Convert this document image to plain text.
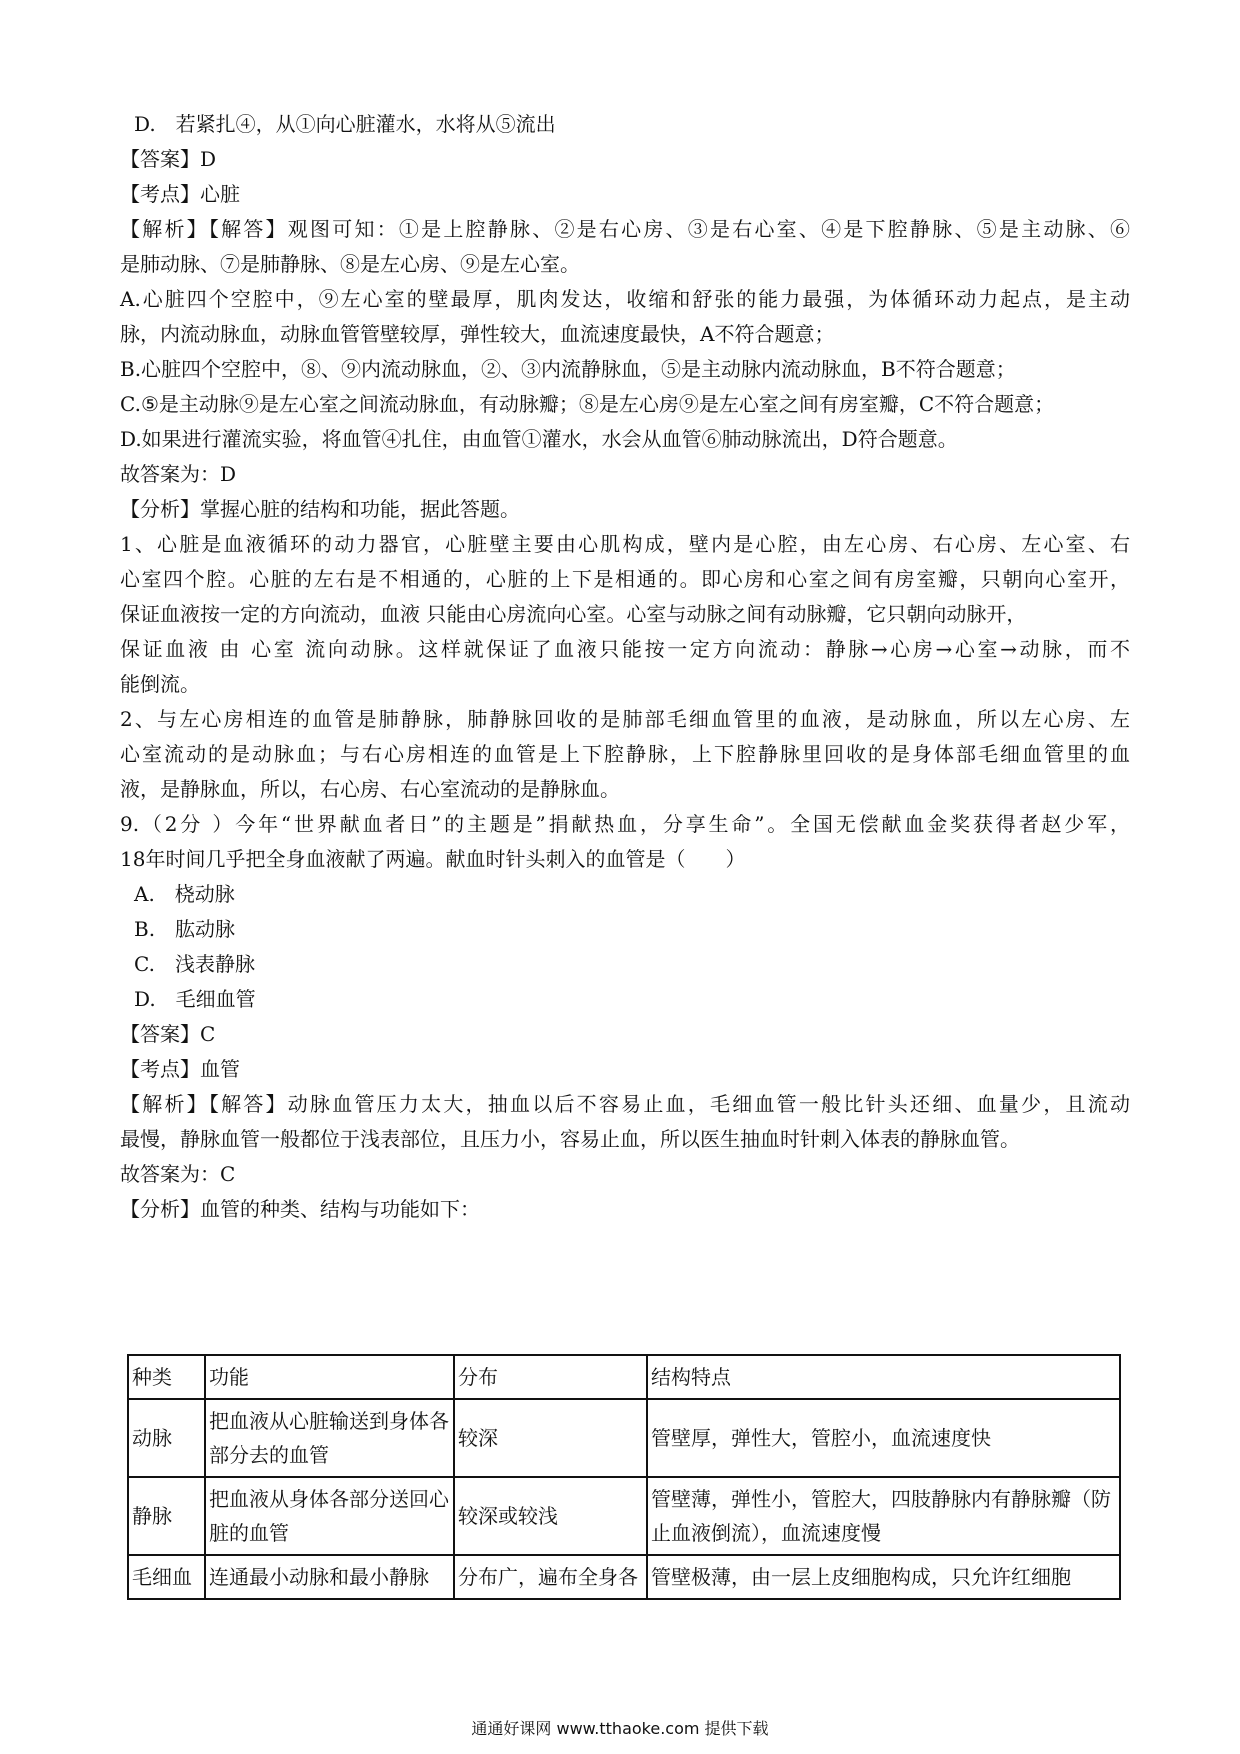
D.　若紧扎④，从①向心脏灌水，水将从⑤流出
【答案】D
【考点】心脏
【解析】【解答】观图可知：①是上腔静脉、②是右心房、③是右心室、④是下腔静脉、⑤是主动脉、⑥
是肺动脉、⑦是肺静脉、⑧是左心房、⑨是左心室。
A.心脏四个空腔中，⑨左心室的壁最厚，肌肉发达，收缩和舒张的能力最强，为体循环动力起点，是主动
脉，内流动脉血，动脉血管管壁较厚，弹性较大，血流速度最快，A不符合题意；
B.心脏四个空腔中，⑧、⑨内流动脉血，②、③内流静脉血，⑤是主动脉内流动脉血，B不符合题意；
C.⑤是主动脉⑨是左心室之间流动脉血，有动脉瓣；⑧是左心房⑨是左心室之间有房室瓣，C不符合题意；
D.如果进行灌流实验，将血管④扎住，由血管①灌水，水会从血管⑥肺动脉流出，D符合题意。
故答案为：D
【分析】掌握心脏的结构和功能，据此答题。
1、心脏是血液循环的动力器官，心脏壁主要由心肌构成，壁内是心腔，由左心房、右心房、左心室、右
心室四个腔。心脏的左右是不相通的，心脏的上下是相通的。即心房和心室之间有房室瓣，只朝向心室开，
保证血液按一定的方向流动，血液 只能由心房流向心室。心室与动脉之间有动脉瓣，它只朝向动脉开，
保证血液 由 心室 流向动脉。这样就保证了血液只能按一定方向流动：静脉→心房→心室→动脉，而不
能倒流。
2、与左心房相连的血管是肺静脉，肺静脉回收的是肺部毛细血管里的血液，是动脉血，所以左心房、左
心室流动的是动脉血；与右心房相连的血管是上下腔静脉，上下腔静脉里回收的是身体部毛细血管里的血
液，是静脉血，所以，右心房、右心室流动的是静脉血。
9.（2分 ）今年“世界献血者日”的主题是”捐献热血，分享生命”。全国无偿献血金奖获得者赵少军，
18年时间几乎把全身血液献了两遍。献血时针头刺入的血管是（　　）
A.　桡动脉
B.　肱动脉
C.　浅表静脉
D.　毛细血管
【答案】C
【考点】血管
【解析】【解答】动脉血管压力太大，抽血以后不容易止血，毛细血管一般比针头还细、血量少，且流动
最慢，静脉血管一般都位于浅表部位，且压力小，容易止血，所以医生抽血时针刺入体表的静脉血管。
故答案为：C
【分析】血管的种类、结构与功能如下：
种类	功能	分布	结构特点
动脉	把血液从心脏输送到身体各部分去的血管	较深	管壁厚，弹性大，管腔小，血流速度快
静脉	把血液从身体各部分送回心脏的血管	较深或较浅	管壁薄，弹性小，管腔大，四肢静脉内有静脉瓣（防止血液倒流），血流速度慢
毛细血	连通最小动脉和最小静脉	分布广，遍布全身各	管壁极薄，由一层上皮细胞构成，只允许红细胞
通通好课网 www.tthaoke.com 提供下载
